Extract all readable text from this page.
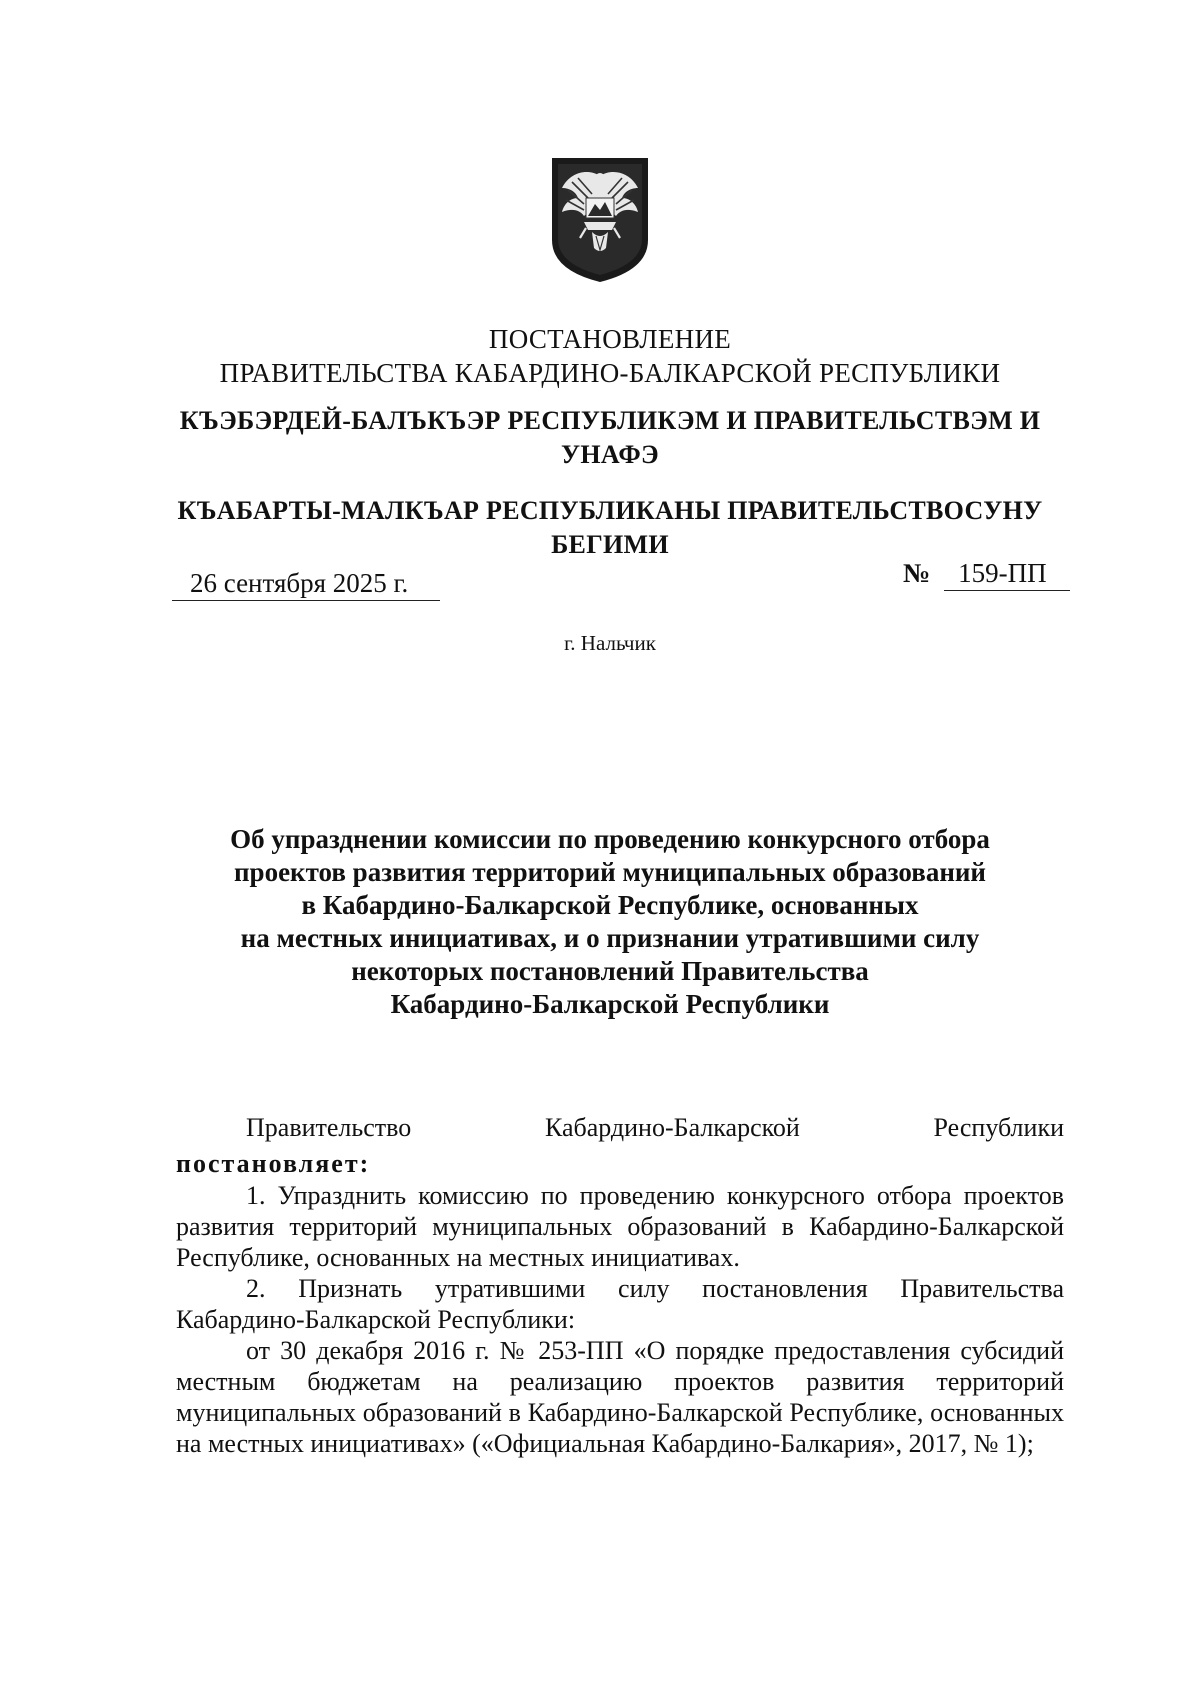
ПОСТАНОВЛЕНИЕ
ПРАВИТЕЛЬСТВА КАБАРДИНО-БАЛКАРСКОЙ РЕСПУБЛИКИ
КЪЭБЭРДЕЙ-БАЛЪКЪЭР РЕСПУБЛИКЭМ И ПРАВИТЕЛЬСТВЭМ И
УНАФЭ
КЪАБАРТЫ-МАЛКЪАР РЕСПУБЛИКАНЫ ПРАВИТЕЛЬСТВОСУНУ
БЕГИМИ
26 сентября 2025 г.	№ 159-ПП
г. Нальчик
Об упразднении комиссии по проведению конкурсного отбора
проектов развития территорий муниципальных образований
в Кабардино-Балкарской Республике, основанных
на местных инициативах, и о признании утратившими силу
некоторых постановлений Правительства
Кабардино-Балкарской Республики

Правительство Кабардино-Балкарской Республики

постановляет:

1. Упразднить комиссию по проведению конкурсного отбора проектов развития территорий муниципальных образований в Кабардино-Балкарской Республике, основанных на местных инициативах.

2. Признать утратившими силу постановления Правительства Кабардино-Балкарской Республики:

от 30 декабря 2016 г. № 253-ПП «О порядке предоставления субсидий местным бюджетам на реализацию проектов развития территорий муниципальных образований в Кабардино-Балкарской Республике, основанных на местных инициативах» («Официальная Кабардино-Балкария», 2017, № 1);
